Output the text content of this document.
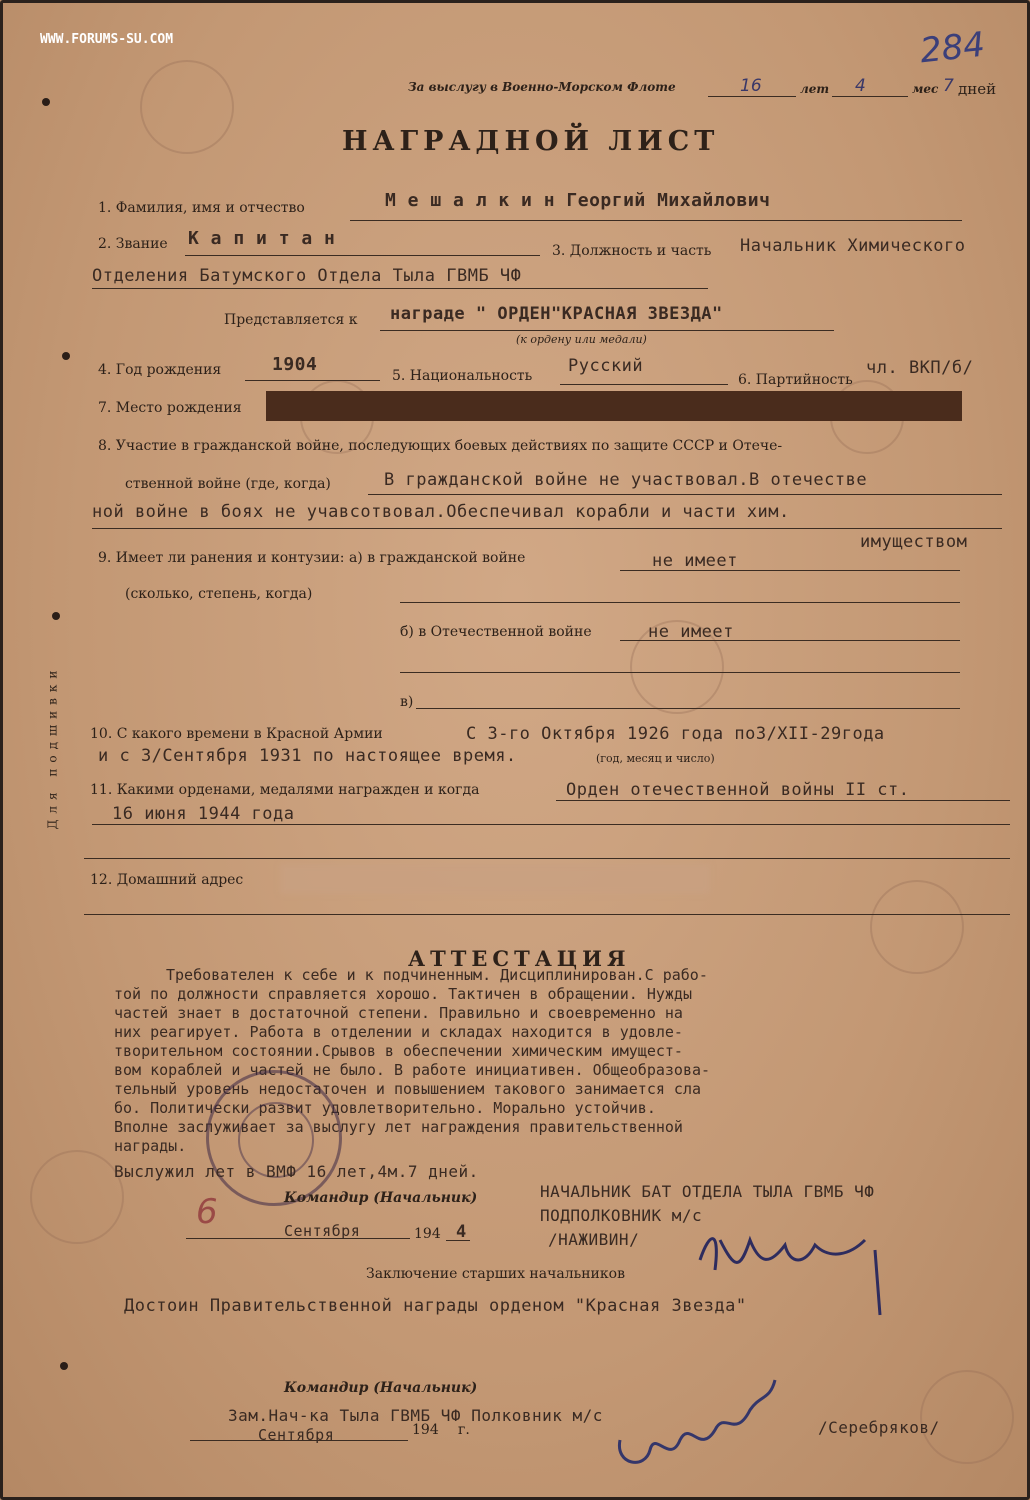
WWW.FORUMS-SU.COM	284
Для подшивки
За выслугу в Военно-Морском Флоте	16	лет 4	мес 7 дней
НАГРАДНОЙ ЛИСТ
1. Фамилия, имя и отчество	М е ш а л к и н Георгий Михайлович
2. Звание К а п и т а н
3. Должность и часть Начальник Химического
Отделения Батумского Отдела Тыла ГВМБ ЧФ
Представляется к награде " ОРДЕН"КРАСНАЯ ЗВЕЗДА"
(к ордену или медали)
4. Год рождения	1904
5. Национальность Русский
6. Партийность
чл. ВКП/б/
7. Место рождения
8. Участие в гражданской войне, последующих боевых действиях по защите СССР и Отече-
ственной войне (где, когда)	В гражданской войне не участвовал.В отечестве
ной войне в боях не учавсотвовал.Обеспечивал корабли и части хим.
имуществом
9. Имеет ли ранения и контузии: а) в гражданской войне	не имеет
(сколько, степень, когда)
б) в Отечественной войне	не имеет
в)
10. С какого времени в Красной Армии	С 3-го Октября 1926 года по3/XII-29года
и с 3/Сентября 1931 по настоящее время.	(год, месяц и число)
11. Какими орденами, медалями награжден и когда	Орден отечественной войны II ст.
16 июня 1944 года
12. Домашний адрес
АТТЕСТАЦИЯ
Требователен к себе и к подчиненным. Дисциплинирован.С рабо-
той по должности справляется хорошо. Тактичен в обращении. Нужды
частей знает в достаточной степени. Правильно и своевременно на
них реагирует. Работа в отделении и складах находится в удовле-
творительном состоянии.Срывов в обеспечении химическим имущест-
вом кораблей и частей не было. В работе инициативен. Общеобразова-
тельный уровень недостаточен и повышением такового занимается сла
бо. Политически развит удовлетворительно. Морально устойчив.
Вполне заслуживает за выслугу лет награждения правительственной
награды.
Выслужил лет в ВМФ 16 лет,4м.7 дней.
Командир (Начальник)	НАЧАЛЬНИК БАТ ОТДЕЛА ТЫЛА ГВМБ ЧФ
ПОДПОЛКОВНИК м/с
/НАЖИВИН/
6	Сентября	194 4
Заключение старших начальников
Достоин Правительственной награды орденом "Красная Звезда"
Командир (Начальник)
Зам.Нач-ка Тыла ГВМБ ЧФ Полковник м/с
/Серебряков/
Сентября	194 г.
